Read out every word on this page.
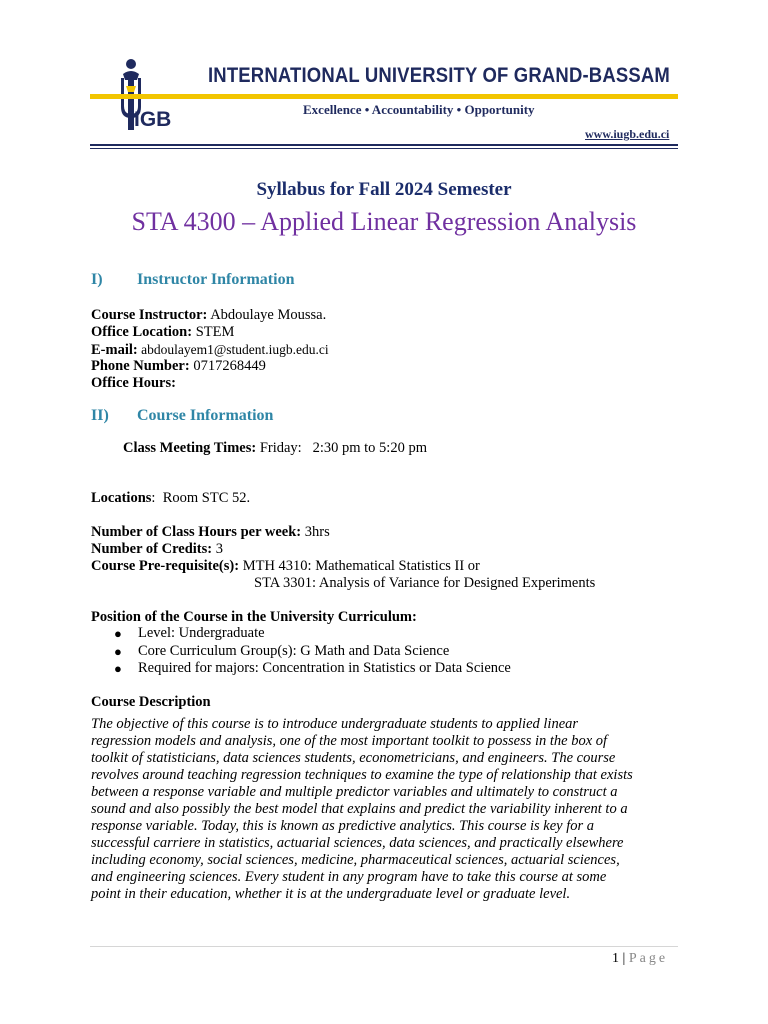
IGB
INTERNATIONAL UNIVERSITY OF GRAND-BASSAM
Excellence • Accountability • Opportunity
www.iugb.edu.ci
Syllabus for Fall 2024 Semester
STA 4300 – Applied Linear Regression Analysis
I) Instructor Information
Course Instructor: Abdoulaye Moussa.
Office Location: STEM
E-mail: abdoulayem1@student.iugb.edu.ci
Phone Number: 0717268449
Office Hours:
II) Course Information
Class Meeting Times: Friday:   2:30 pm to 5:20 pm
Locations:  Room STC 52.
Number of Class Hours per week: 3hrs
Number of Credits: 3
Course Pre-requisite(s): MTH 4310: Mathematical Statistics II or
STA 3301: Analysis of Variance for Designed Experiments
Position of the Course in the University Curriculum:
● Level: Undergraduate
● Core Curriculum Group(s): G Math and Data Science
● Required for majors: Concentration in Statistics or Data Science
Course Description
The objective of this course is to introduce undergraduate students to applied linear
regression models and analysis, one of the most important toolkit to possess in the box of
toolkit of statisticians, data sciences students, econometricians, and engineers. The course
revolves around teaching regression techniques to examine the type of relationship that exists
between a response variable and multiple predictor variables and ultimately to construct a
sound and also possibly the best model that explains and predict the variability inherent to a
response variable. Today, this is known as predictive analytics. This course is key for a
successful carriere in statistics, actuarial sciences, data sciences, and practically elsewhere
including economy, social sciences, medicine, pharmaceutical sciences, actuarial sciences,
and engineering sciences. Every student in any program have to take this course at some
point in their education, whether it is at the undergraduate level or graduate level.
1 | Page
